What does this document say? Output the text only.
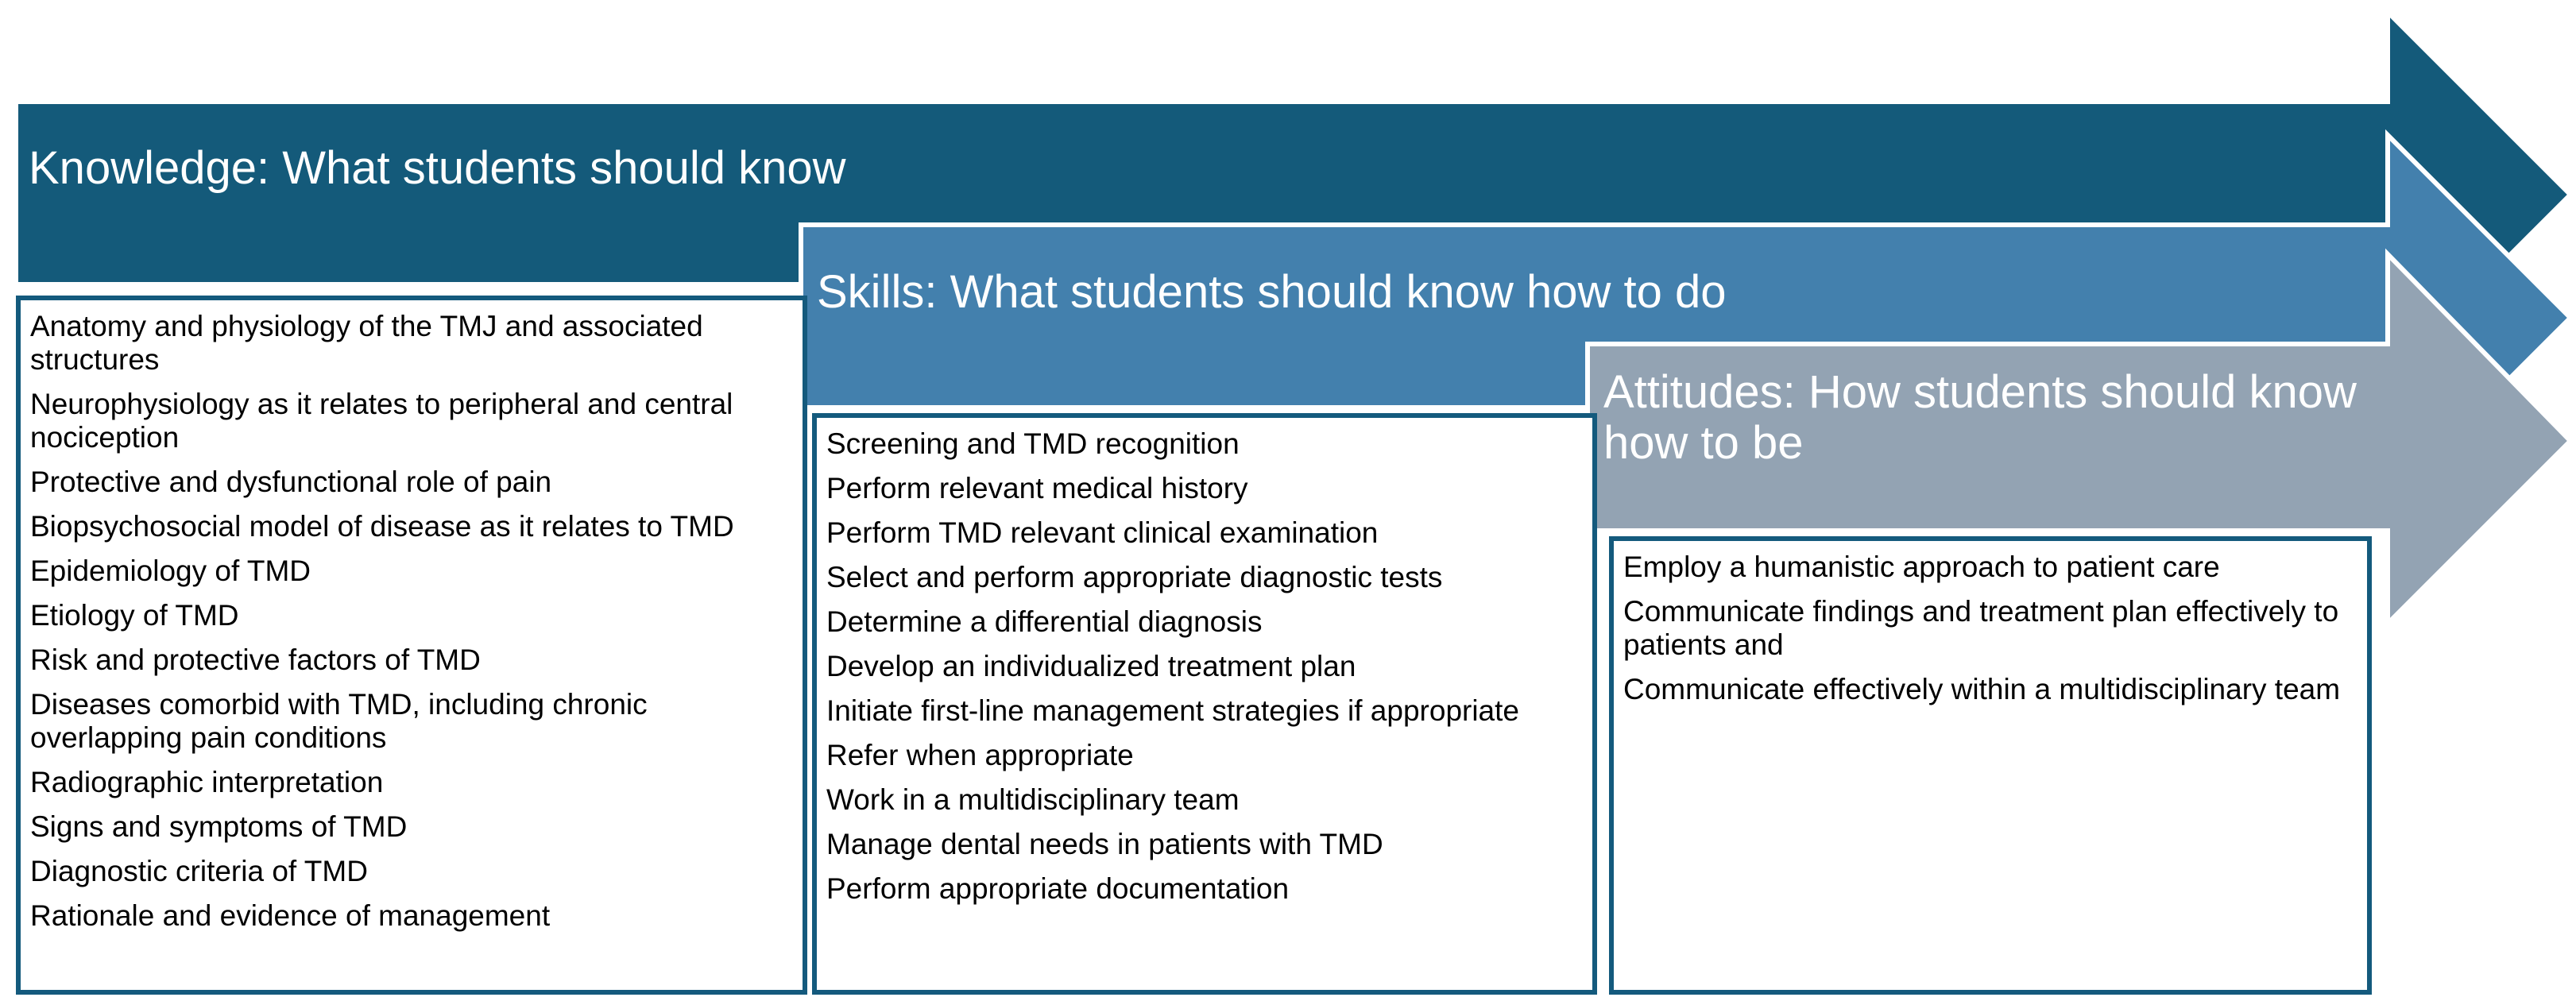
Knowledge: What students should know
Skills: What students should know how to do
Attitudes: How students should know how to be
Anatomy and physiology of the TMJ and associated structures
Neurophysiology as it relates to peripheral and central nociception
Protective and dysfunctional role of pain
Biopsychosocial model of disease as it relates to TMD
Epidemiology of TMD
Etiology of TMD
Risk and protective factors of TMD
Diseases comorbid with TMD, including chronic overlapping pain conditions
Radiographic interpretation
Signs and symptoms of TMD
Diagnostic criteria of TMD
Rationale and evidence of management
Screening and TMD recognition
Perform relevant medical history
Perform TMD relevant clinical examination
Select and perform appropriate diagnostic tests
Determine a differential diagnosis
Develop an individualized treatment plan
Initiate first-line management strategies if appropriate
Refer when appropriate
Work in a multidisciplinary team
Manage dental needs in patients with TMD
Perform appropriate documentation
Employ a humanistic approach to patient care
Communicate findings and treatment plan effectively to patients and
Communicate effectively within a multidisciplinary team
